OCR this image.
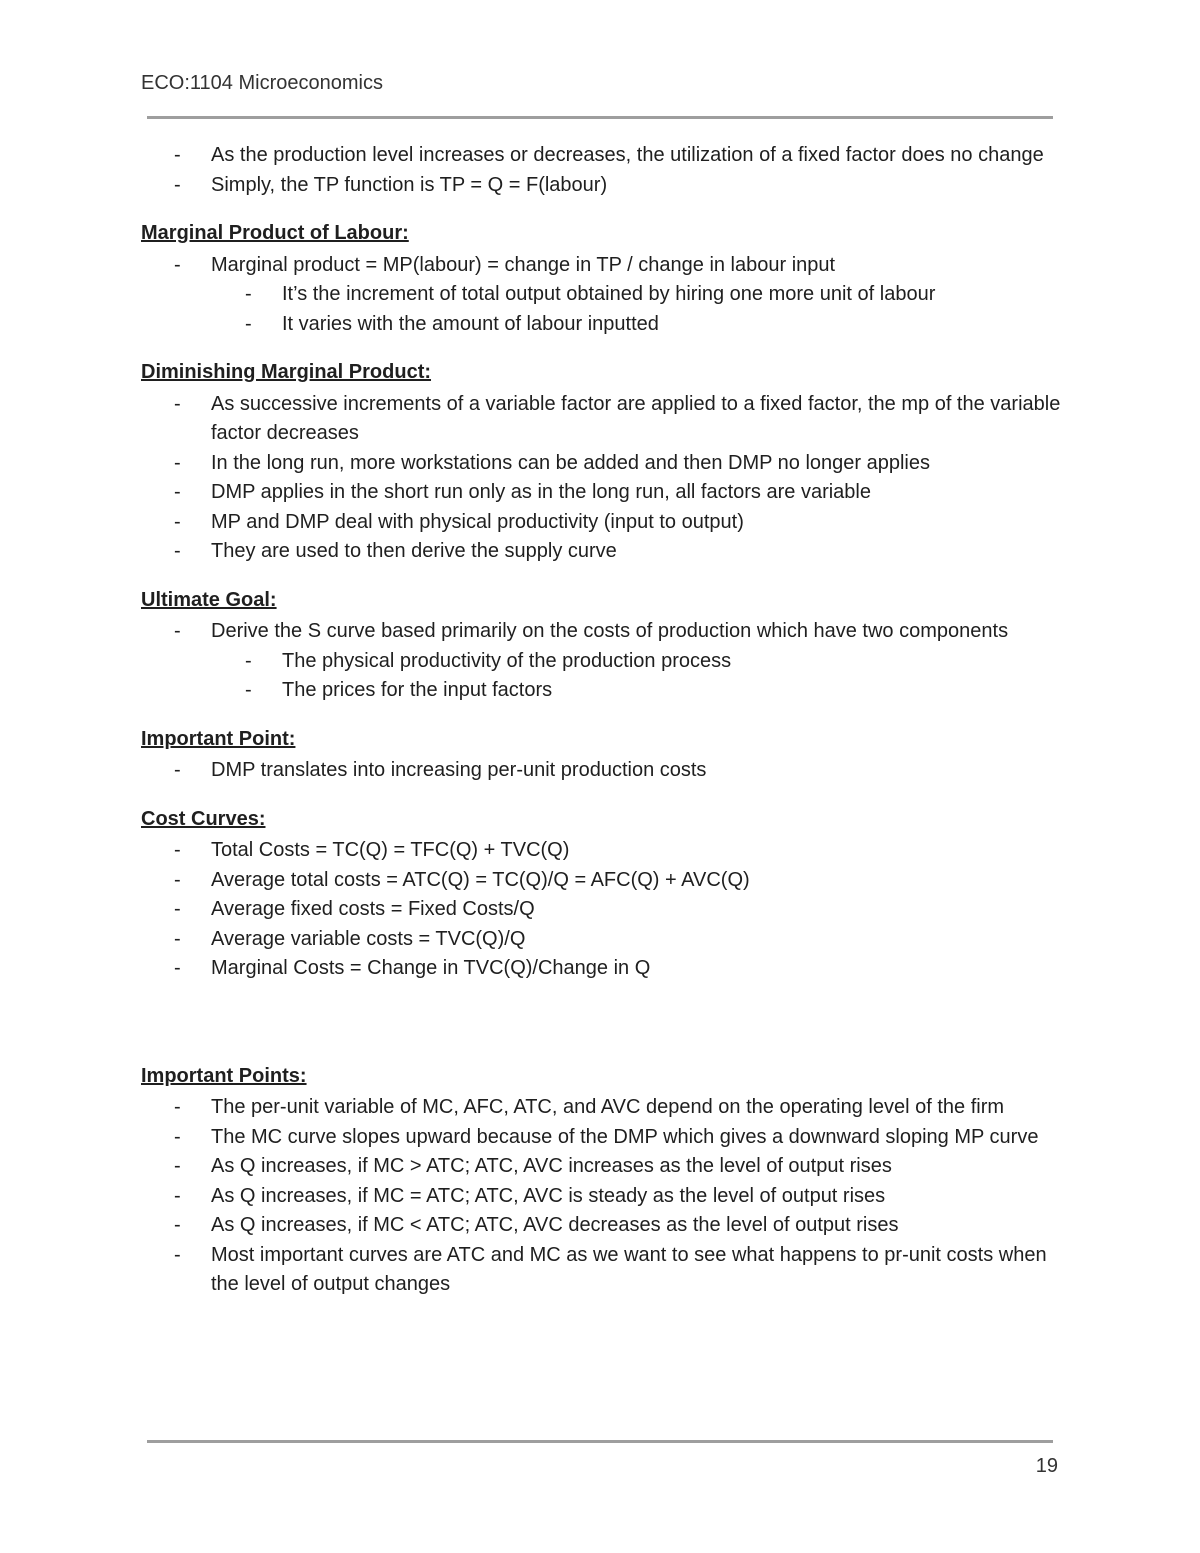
ECO:1104 Microeconomics
- As the production level increases or decreases, the utilization of a fixed factor does no change
- Simply, the TP function is TP = Q = F(labour)
Marginal Product of Labour:
- Marginal product = MP(labour) = change in TP / change in labour input
- It’s the increment of total output obtained by hiring one more unit of labour
- It varies with the amount of labour inputted
Diminishing Marginal Product:
- As successive increments of a variable factor are applied to a fixed factor, the mp of the variable factor decreases
- In the long run, more workstations can be added and then DMP no longer applies
- DMP applies in the short run only as in the long run, all factors are variable
- MP and DMP deal with physical productivity (input to output)
- They are used to then derive the supply curve
Ultimate Goal:
- Derive the S curve based primarily on the costs of production which have two components
- The physical productivity of the production process
- The prices for the input factors
Important Point:
- DMP translates into increasing per-unit production costs
Cost Curves:
- Total Costs = TC(Q) = TFC(Q) + TVC(Q)
- Average total costs = ATC(Q) = TC(Q)/Q = AFC(Q) + AVC(Q)
- Average fixed costs = Fixed Costs/Q
- Average variable costs = TVC(Q)/Q
- Marginal Costs = Change in TVC(Q)/Change in Q
Important Points:
- The per-unit variable of MC, AFC, ATC, and AVC depend on the operating level of the firm
- The MC curve slopes upward because of the DMP which gives a downward sloping MP curve
- As Q increases, if MC > ATC; ATC, AVC increases as the level of output rises
- As Q increases, if MC = ATC; ATC, AVC is steady as the level of output rises
- As Q increases, if MC < ATC; ATC, AVC decreases as the level of output rises
- Most important curves are ATC and MC as we want to see what happens to pr-unit costs when the level of output changes
19
